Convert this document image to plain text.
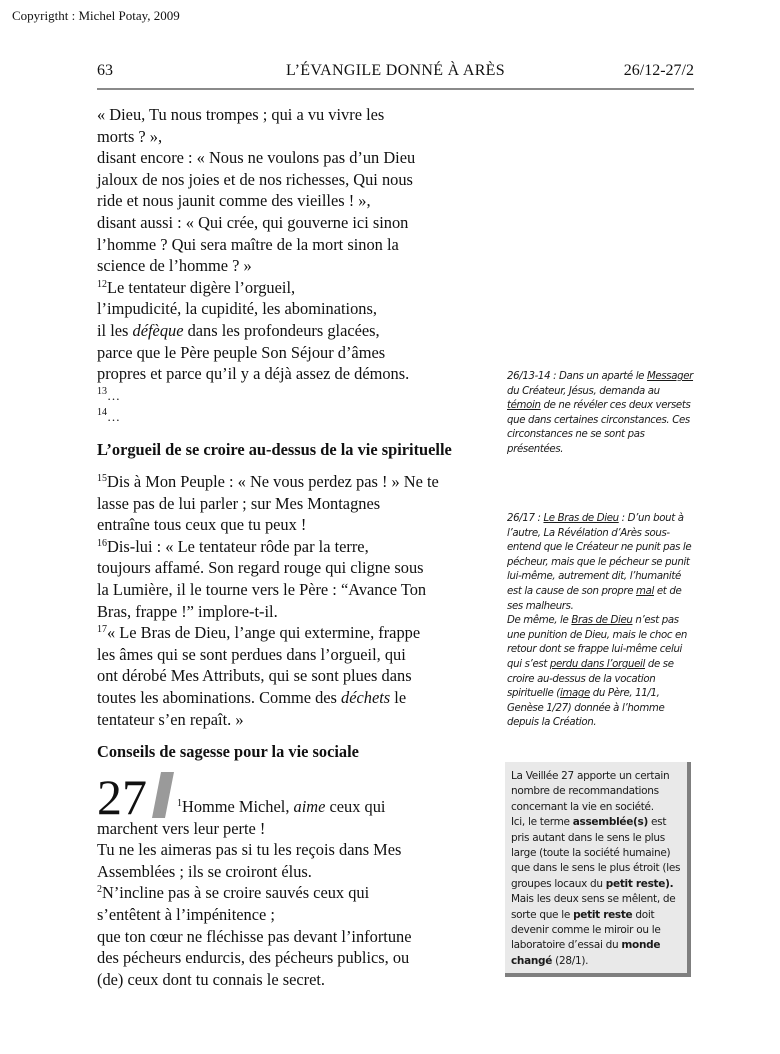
Copyrigtht : Michel Potay, 2009
63	L’ÉVANGILE DONNÉ À ARÈS	26/12-27/2

« Dieu, Tu nous trompes ; qui a vu vivre les

morts ? »,

disant encore : « Nous ne voulons pas d’un Dieu

jaloux de nos joies et de nos richesses, Qui nous

ride et nous jaunit comme des vieilles ! »,

disant aussi : « Qui crée, qui gouverne ici sinon

l’homme ? Qui sera maître de la mort sinon la

science de l’homme ? »

$^{12}$Le tentateur digère l’orgueil,

l’impudicité, la cupidité, les abominations,

il les défèque dans les profondeurs glacées,

parce que le Père peuple Son Séjour d’âmes

propres et parce qu’il y a déjà assez de démons.

$^{13}$…

$^{14}$…

L’orgueil de se croire au-dessus de la vie spirituelle

$^{15}$Dis à Mon Peuple : « Ne vous perdez pas ! » Ne te

lasse pas de lui parler ; sur Mes Montagnes

entraîne tous ceux que tu peux !

$^{16}$Dis-lui : « Le tentateur rôde par la terre,

toujours affamé. Son regard rouge qui cligne sous

la Lumière, il le tourne vers le Père : “Avance Ton

Bras, frappe !” implore-t-il.

$^{17}$« Le Bras de Dieu, l’ange qui extermine, frappe

les âmes qui se sont perdues dans l’orgueil, qui

ont dérobé Mes Attributs, qui se sont plues dans

toutes les abominations. Comme des déchets le

tentateur s’en repaît. »

Conseils de sagesse pour la vie sociale
27	$^1$Homme Michel, aime ceux qui

marchent vers leur perte !

Tu ne les aimeras pas si tu les reçois dans Mes

Assemblées ; ils se croiront élus.

$^2$N’incline pas à se croire sauvés ceux qui

s’entêtent à l’impénitence ;

que ton cœur ne fléchisse pas devant l’infortune

des pécheurs endurcis, des pécheurs publics, ou

(de) ceux dont tu connais le secret.

26/13-14 : Dans un aparté le Messager du Créateur, Jésus, demanda au témoin de ne révéler ces deux versets que dans certaines circonstances. Ces circonstances ne se sont pas présentées.
26/17 : Le Bras de Dieu : D’un bout à l’autre, La Révélation d’Arès sous-entend que le Créateur ne punit pas le pécheur, mais que le pécheur se punit lui-même, autrement dit, l’humanité est la cause de son propre mal et de ses malheurs.
De même, le Bras de Dieu n’est pas une punition de Dieu, mais le choc en retour dont se frappe lui-même celui qui s’est perdu dans l’orgueil de se croire au-dessus de la vocation spirituelle (image du Père, 11/1, Genèse 1/27) donnée à l’homme depuis la Création.
La Veillée 27 apporte un certain nombre de recommandations concernant la vie en société.
Ici, le terme assemblée(s) est pris autant dans le sens le plus large (toute la société humaine) que dans le sens le plus étroit (les groupes locaux du petit reste). Mais les deux sens se mêlent, de sorte que le petit reste doit devenir comme le miroir ou le laboratoire d’essai du monde changé (28/1).
